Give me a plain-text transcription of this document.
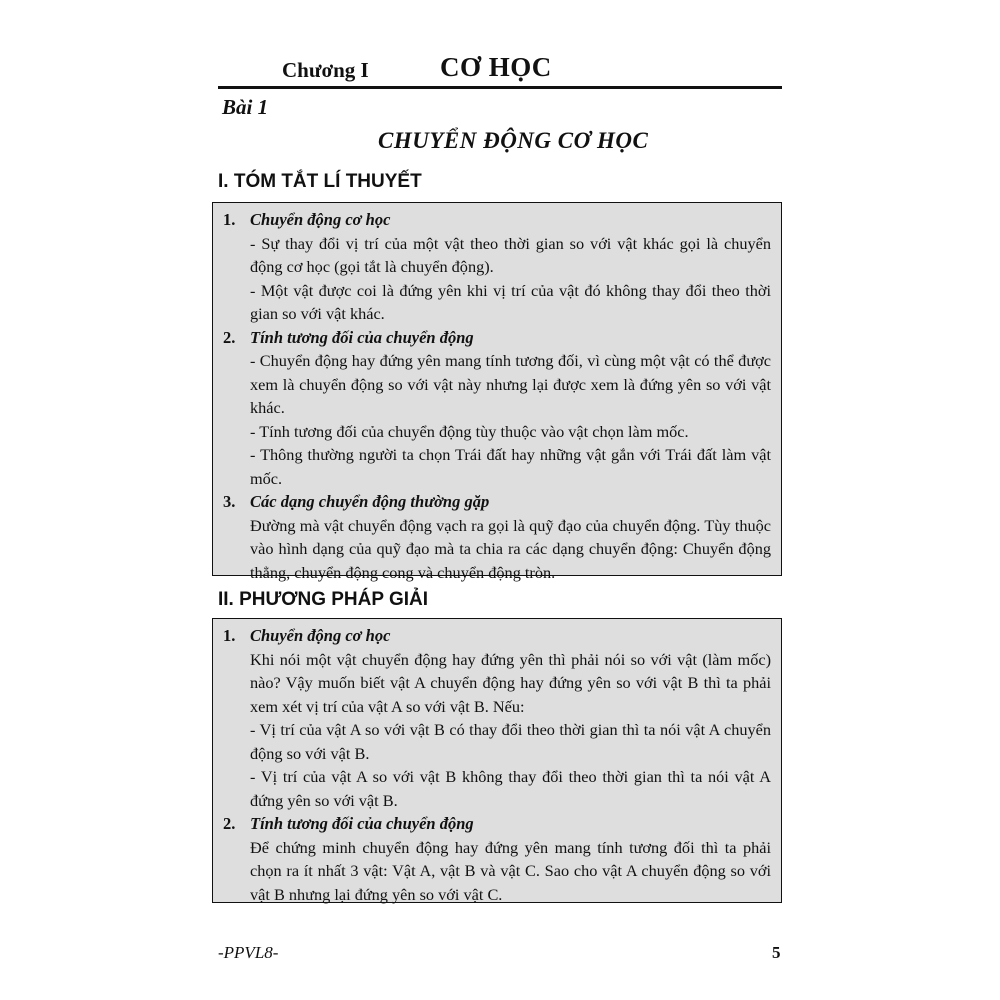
Chương I	CƠ HỌC
Bài 1
CHUYỂN ĐỘNG CƠ HỌC
I. TÓM TẮT LÍ THUYẾT
1. Chuyển động cơ học
- Sự thay đổi vị trí của một vật theo thời gian so với vật khác gọi là chuyển động cơ học (gọi tắt là chuyển động).
- Một vật được coi là đứng yên khi vị trí của vật đó không thay đổi theo thời gian so với vật khác.
2. Tính tương đối của chuyển động
- Chuyển động hay đứng yên mang tính tương đối, vì cùng một vật có thể được xem là chuyển động so với vật này nhưng lại được xem là đứng yên so với vật khác.
- Tính tương đối của chuyển động tùy thuộc vào vật chọn làm mốc.
- Thông thường người ta chọn Trái đất hay những vật gắn với Trái đất làm vật mốc.
3. Các dạng chuyển động thường gặp
Đường mà vật chuyển động vạch ra gọi là quỹ đạo của chuyển động. Tùy thuộc vào hình dạng của quỹ đạo mà ta chia ra các dạng chuyển động: Chuyển động thẳng, chuyển động cong và chuyển động tròn.
II. PHƯƠNG PHÁP GIẢI
1. Chuyển động cơ học
Khi nói một vật chuyển động hay đứng yên thì phải nói so với vật (làm mốc) nào? Vậy muốn biết vật A chuyển động hay đứng yên so với vật B thì ta phải xem xét vị trí của vật A so với vật B. Nếu:
- Vị trí của vật A so với vật B có thay đổi theo thời gian thì ta nói vật A chuyển động so với vật B.
- Vị trí của vật A so với vật B không thay đổi theo thời gian thì ta nói vật A đứng yên so với vật B.
2. Tính tương đối của chuyển động
Để chứng minh chuyển động hay đứng yên mang tính tương đối thì ta phải chọn ra ít nhất 3 vật: Vật A, vật B và vật C. Sao cho vật A chuyển động so với vật B nhưng lại đứng yên so với vật C.
-PPVL8-	5
